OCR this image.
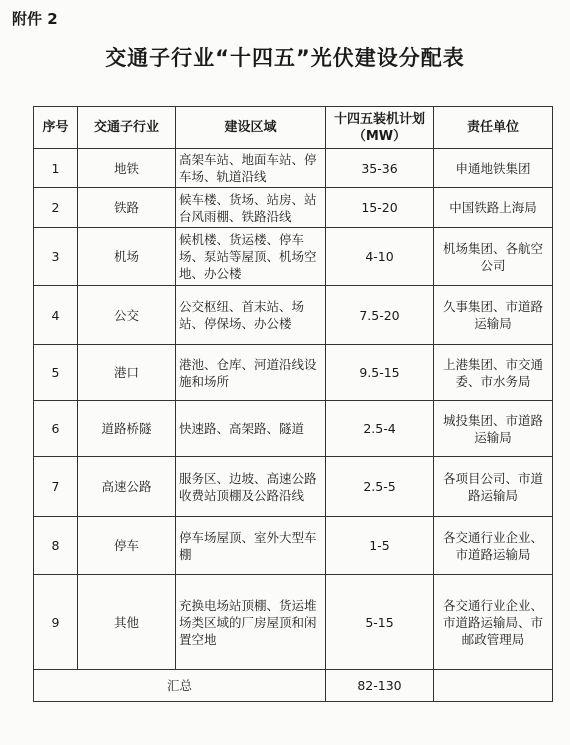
附件 2
交通子行业“十四五”光伏建设分配表
序号	交通子行业	建设区域	十四五装机计划（MW）	责任单位
1	地铁	高架车站、地面车站、停车场、轨道沿线	35-36	申通地铁集团
2	铁路	候车楼、货场、站房、站台风雨棚、铁路沿线	15-20	中国铁路上海局
3	机场	候机楼、货运楼、停车场、泵站等屋顶、机场空地、办公楼	4-10	机场集团、各航空公司
4	公交	公交枢纽、首末站、场站、停保场、办公楼	7.5-20	久事集团、市道路运输局
5	港口	港池、仓库、河道沿线设施和场所	9.5-15	上港集团、市交通委、市水务局
6	道路桥隧	快速路、高架路、隧道	2.5-4	城投集团、市道路运输局
7	高速公路	服务区、边坡、高速公路收费站顶棚及公路沿线	2.5-5	各项目公司、市道路运输局
8	停车	停车场屋顶、室外大型车棚	1-5	各交通行业企业、市道路运输局
9	其他	充换电场站顶棚、货运堆场类区域的厂房屋顶和闲置空地	5-15	各交通行业企业、市道路运输局、市邮政管理局
汇总			82-130	
